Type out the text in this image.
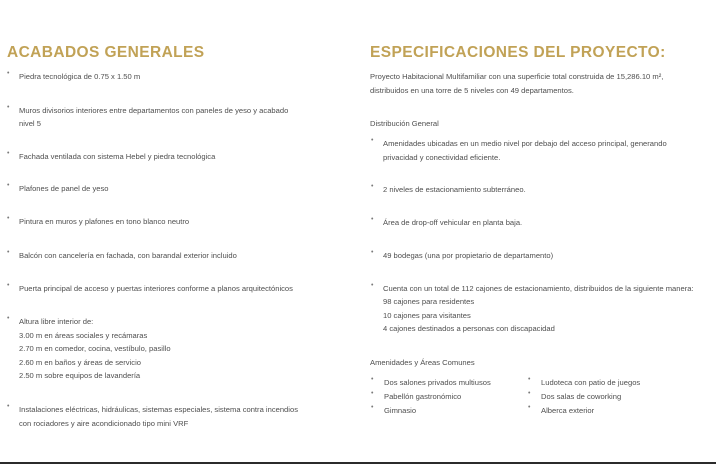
ACABADOS GENERALES
• Piedra tecnológica de 0.75 x 1.50 m
• Muros divisorios interiores entre departamentos con paneles de yeso y acabado
nivel 5
• Fachada ventilada con sistema Hebel y piedra tecnológica
• Plafones de panel de yeso
• Pintura en muros y plafones en tono blanco neutro
• Balcón con cancelería en fachada, con barandal exterior incluido
• Puerta principal de acceso y puertas interiores conforme a planos arquitectónicos
• Altura libre interior de:
3.00 m en áreas sociales y recámaras
2.70 m en comedor, cocina, vestíbulo, pasillo
2.60 m en baños y áreas de servicio
2.50 m sobre equipos de lavandería
• Instalaciones eléctricas, hidráulicas, sistemas especiales, sistema contra incendios
con rociadores y aire acondicionado tipo mini VRF
ESPECIFICACIONES DEL PROYECTO:
Proyecto Habitacional Multifamiliar con una superficie total construida de 15,286.10 m²,
distribuidos en una torre de 5 niveles con 49 departamentos.
Distribución General
• Amenidades ubicadas en un medio nivel por debajo del acceso principal, generando
privacidad y conectividad eficiente.
• 2 niveles de estacionamiento subterráneo.
• Área de drop-off vehicular en planta baja.
• 49 bodegas (una por propietario de departamento)
• Cuenta con un total de 112 cajones de estacionamiento, distribuidos de la siguiente manera:
98 cajones para residentes
10 cajones para visitantes
4 cajones destinados a personas con discapacidad
Amenidades y Áreas Comunes
• Dos salones privados multiusos
• Pabellón gastronómico
• Gimnasio
• Ludoteca con patio de juegos
• Dos salas de coworking
• Alberca exterior
